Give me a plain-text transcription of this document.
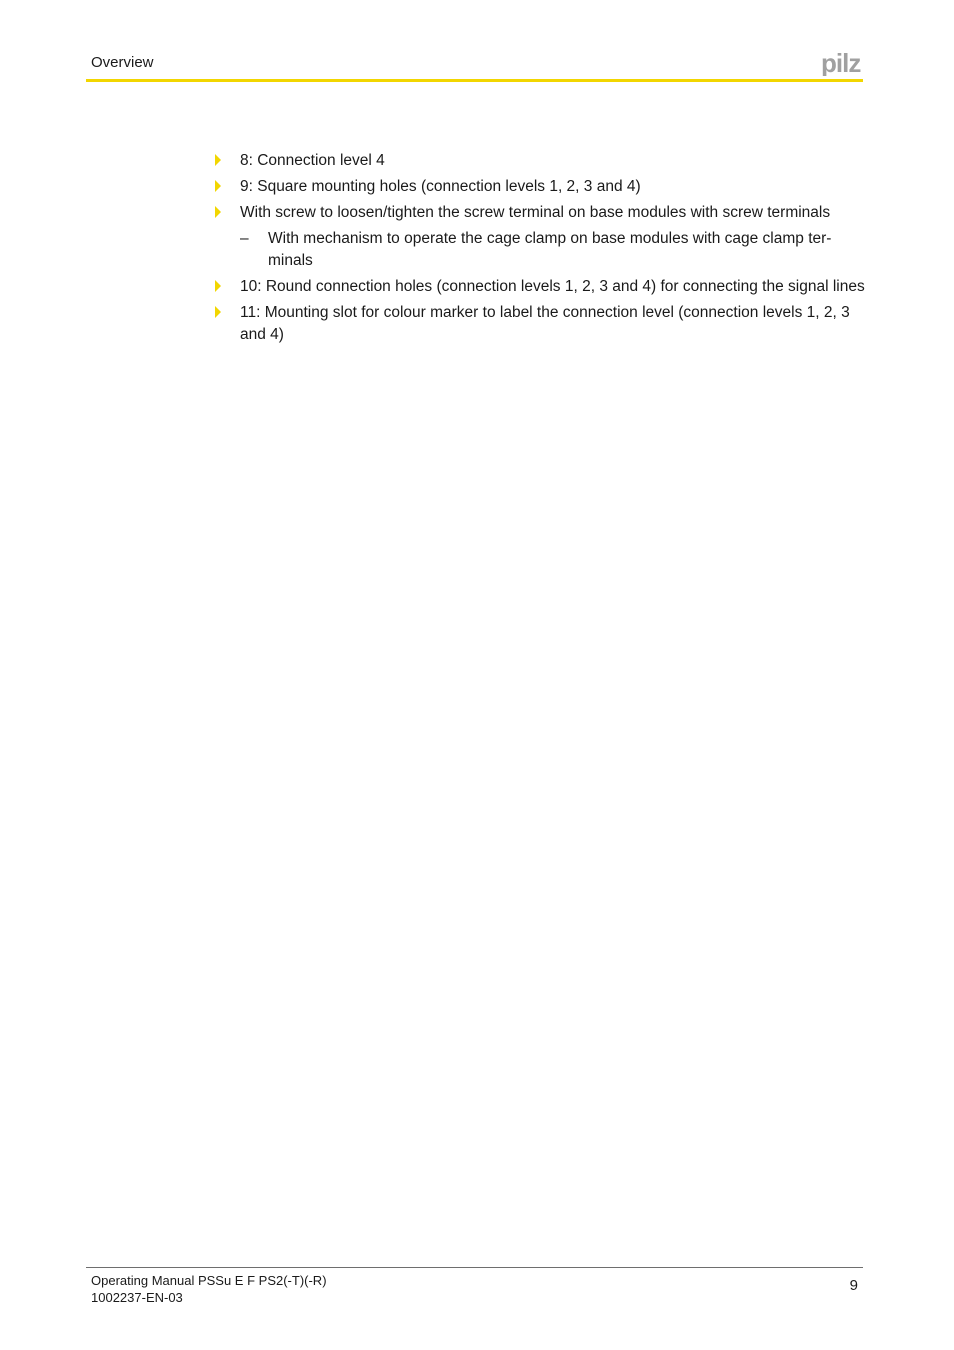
Overview	pilz
8: Connection level 4
9: Square mounting holes (connection levels 1, 2, 3 and 4)
With screw to loosen/tighten the screw terminal on base modules with screw terminals
– With mechanism to operate the cage clamp on base modules with cage clamp ter-minals
10: Round connection holes (connection levels 1, 2, 3 and 4) for connecting the signal lines
11: Mounting slot for colour marker to label the connection level (connection levels 1, 2, 3 and 4)
Operating Manual PSSu E F PS2(-T)(-R)
1002237-EN-03
9
